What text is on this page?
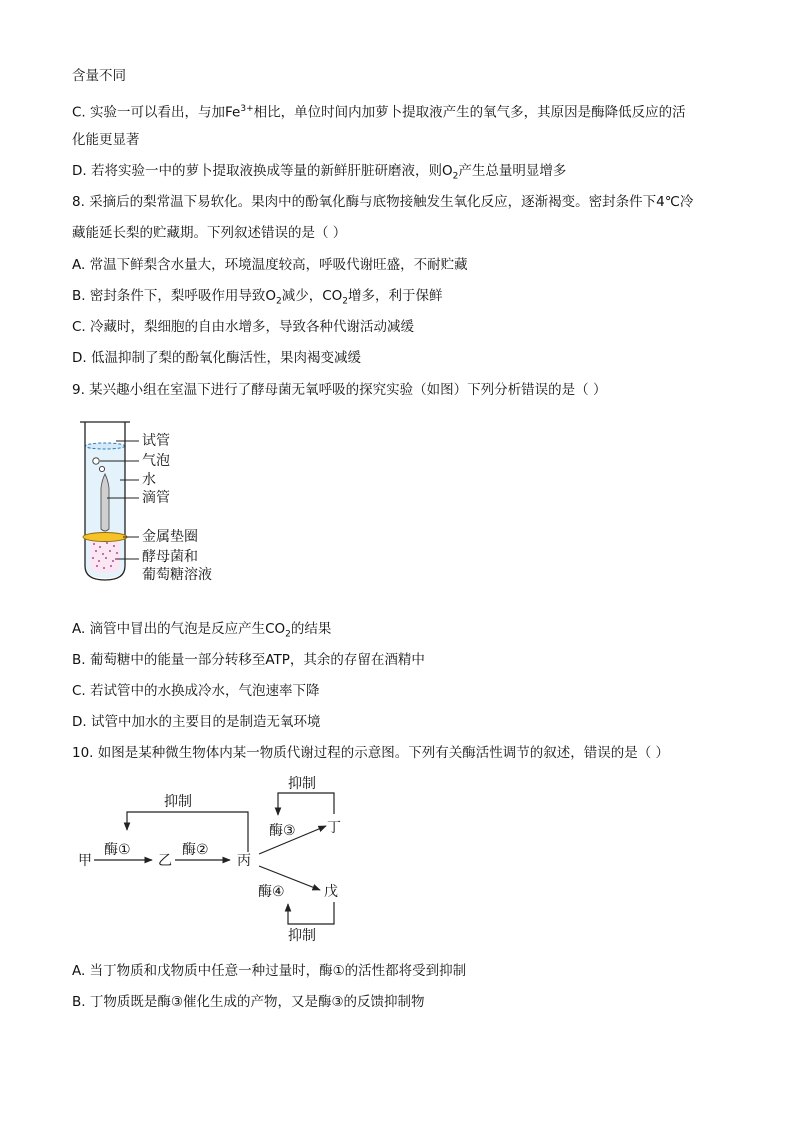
含量不同
C. 实验一可以看出，与加$Fe^{3+}$相比，单位时间内加萝卜提取液产生的氧气多，其原因是酶降低反应的活
化能更显著
D. 若将实验一中的萝卜提取液换成等量的新鲜肝脏研磨液，则$O_2$产生总量明显增多
8. 采摘后的梨常温下易软化。果肉中的酚氧化酶与底物接触发生氧化反应，逐渐褐变。密封条件下4℃冷
藏能延长梨的贮藏期。下列叙述错误的是（ ）
A. 常温下鲜梨含水量大，环境温度较高，呼吸代谢旺盛，不耐贮藏
B. 密封条件下，梨呼吸作用导致$O_2$减少，$CO_2$增多，利于保鲜
C. 冷藏时，梨细胞的自由水增多，导致各种代谢活动减缓
D. 低温抑制了梨的酚氧化酶活性，果肉褐变减缓
9. 某兴趣小组在室温下进行了酵母菌无氧呼吸的探究实验（如图）下列分析错误的是（ ）
试管
气泡
水
滴管
金属垫圈
酵母菌和
葡萄糖溶液
A. 滴管中冒出的气泡是反应产生$CO_2$的结果
B. 葡萄糖中的能量一部分转移至ATP，其余的存留在酒精中
C. 若试管中的水换成冷水，气泡速率下降
D. 试管中加水的主要目的是制造无氧环境
10. 如图是某种微生物体内某一物质代谢过程的示意图。下列有关酶活性调节的叙述，错误的是（ ）
甲	乙	丙
丁
戊
酶①	酶②
酶③
酶④
抑制
抑制
抑制
A. 当丁物质和戊物质中任意一种过量时，酶①的活性都将受到抑制
B. 丁物质既是酶③催化生成的产物，又是酶③的反馈抑制物
